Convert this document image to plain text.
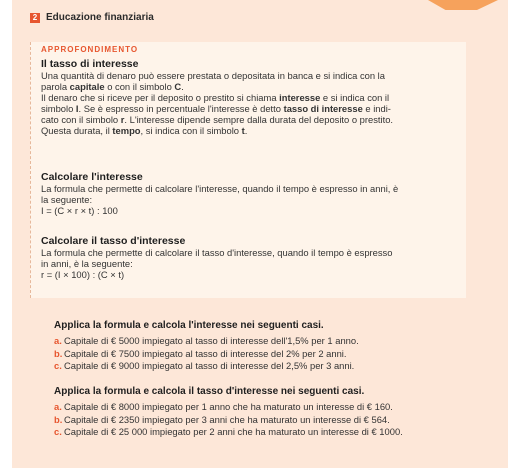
2 Educazione finanziaria
APPROFONDIMENTO
Il tasso di interesse
Una quantità di denaro può essere prestata o depositata in banca e si indica con la
parola capitale o con il simbolo C.
Il denaro che si riceve per il deposito o prestito si chiama interesse e si indica con il
simbolo I. Se è espresso in percentuale l'interesse è detto tasso di interesse e indi-
cato con il simbolo r. L'interesse dipende sempre dalla durata del deposito o prestito.
Questa durata, il tempo, si indica con il simbolo t.
Calcolare l'interesse
La formula che permette di calcolare l'interesse, quando il tempo è espresso in anni, è
la seguente:
I = (C × r × t) : 100
Calcolare il tasso d'interesse
La formula che permette di calcolare il tasso d'interesse, quando il tempo è espresso
in anni, è la seguente:
r = (I × 100) : (C × t)
Applica la formula e calcola l'interesse nei seguenti casi.
a. Capitale di € 5000 impiegato al tasso di interesse dell'1,5% per 1 anno.
b. Capitale di € 7500 impiegato al tasso di interesse del 2% per 2 anni.
c. Capitale di € 9000 impiegato al tasso di interesse del 2,5% per 3 anni.
Applica la formula e calcola il tasso d'interesse nei seguenti casi.
a. Capitale di € 8000 impiegato per 1 anno che ha maturato un interesse di € 160.
b. Capitale di € 2350 impiegato per 3 anni che ha maturato un interesse di € 564.
c. Capitale di € 25 000 impiegato per 2 anni che ha maturato un interesse di € 1000.
